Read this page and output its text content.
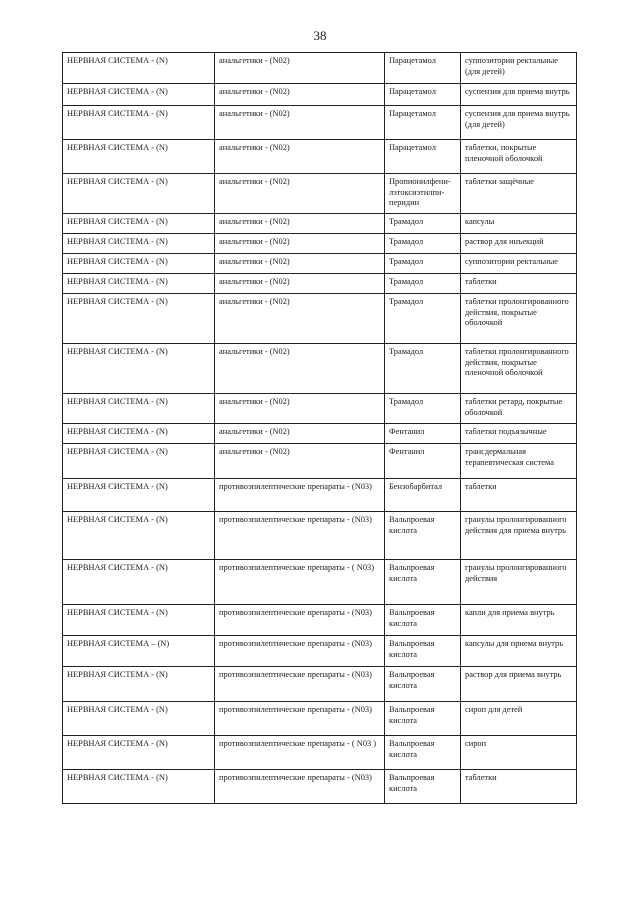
38
НЕРВНАЯ СИСТЕМА - (N)	анальгетики - (N02)	Парацетамол	суппозитории ректальные (для детей)
НЕРВНАЯ СИСТЕМА - (N)	анальгетики - (N02)	Парацетамол	суспензия для приема внутрь
НЕРВНАЯ СИСТЕМА - (N)	анальгетики - (N02)	Парацетамол	суспензия для приема внутрь (для детей)
НЕРВНАЯ СИСТЕМА - (N)	анальгетики - (N02)	Парацетамол	таблетки, покрытые пленочной оболочкой
НЕРВНАЯ СИСТЕМА - (N)	анальгетики - (N02)	Пропионилфени-лэтоксиэтилпи-перидин	таблетки защёчные
НЕРВНАЯ СИСТЕМА - (N)	анальгетики - (N02)	Трамадол	капсулы
НЕРВНАЯ СИСТЕМА - (N)	анальгетики - (N02)	Трамадол	раствор для инъекций
НЕРВНАЯ СИСТЕМА - (N)	анальгетики - (N02)	Трамадол	суппозитории ректальные
НЕРВНАЯ СИСТЕМА - (N)	анальгетики - (N02)	Трамадол	таблетки
НЕРВНАЯ СИСТЕМА - (N)	анальгетики - (N02)	Трамадол	таблетки пролонгированного действия, покрытые оболочкой
НЕРВНАЯ СИСТЕМА - (N)	анальгетики - (N02)	Трамадол	таблетки пролонгированного действия, покрытые пленочной оболочкой
НЕРВНАЯ СИСТЕМА - (N)	анальгетики - (N02)	Трамадол	таблетки ретард, покрытые оболочкой
НЕРВНАЯ СИСТЕМА - (N)	анальгетики - (N02)	Фентанил	таблетки подъязычные
НЕРВНАЯ СИСТЕМА - (N)	анальгетики - (N02)	Фентанил	трансдермальная терапевтическая система
НЕРВНАЯ СИСТЕМА - (N)	противоэпилептические препараты - (N03)	Бензобарбитал	таблетки
НЕРВНАЯ СИСТЕМА - (N)	противоэпилептические препараты - (N03)	Вальпроевая кислота	гранулы пролонгированного действия для приема внутрь
НЕРВНАЯ СИСТЕМА - (N)	противоэпилептические препараты - ( N03)	Вальпроевая кислота	гранулы пролонгированного действия
НЕРВНАЯ СИСТЕМА - (N)	противоэпилептические препараты - (N03)	Вальпроевая кислота	капли для приема внутрь
НЕРВНАЯ СИСТЕМА – (N)	противоэпилептические препараты - (N03)	Вальпроевая кислота	капсулы для приема внутрь
НЕРВНАЯ СИСТЕМА - (N)	противоэпилептические препараты - (N03)	Вальпроевая кислота	раствор для приема внутрь
НЕРВНАЯ СИСТЕМА - (N)	противоэпилептические препараты - (N03)	Вальпроевая кислота	сироп для детей
НЕРВНАЯ СИСТЕМА - (N)	противоэпилептические препараты - ( N03 )	Вальпроевая кислота	сироп
НЕРВНАЯ СИСТЕМА - (N)	противоэпилептические препараты - (N03)	Вальпроевая кислота	таблетки
